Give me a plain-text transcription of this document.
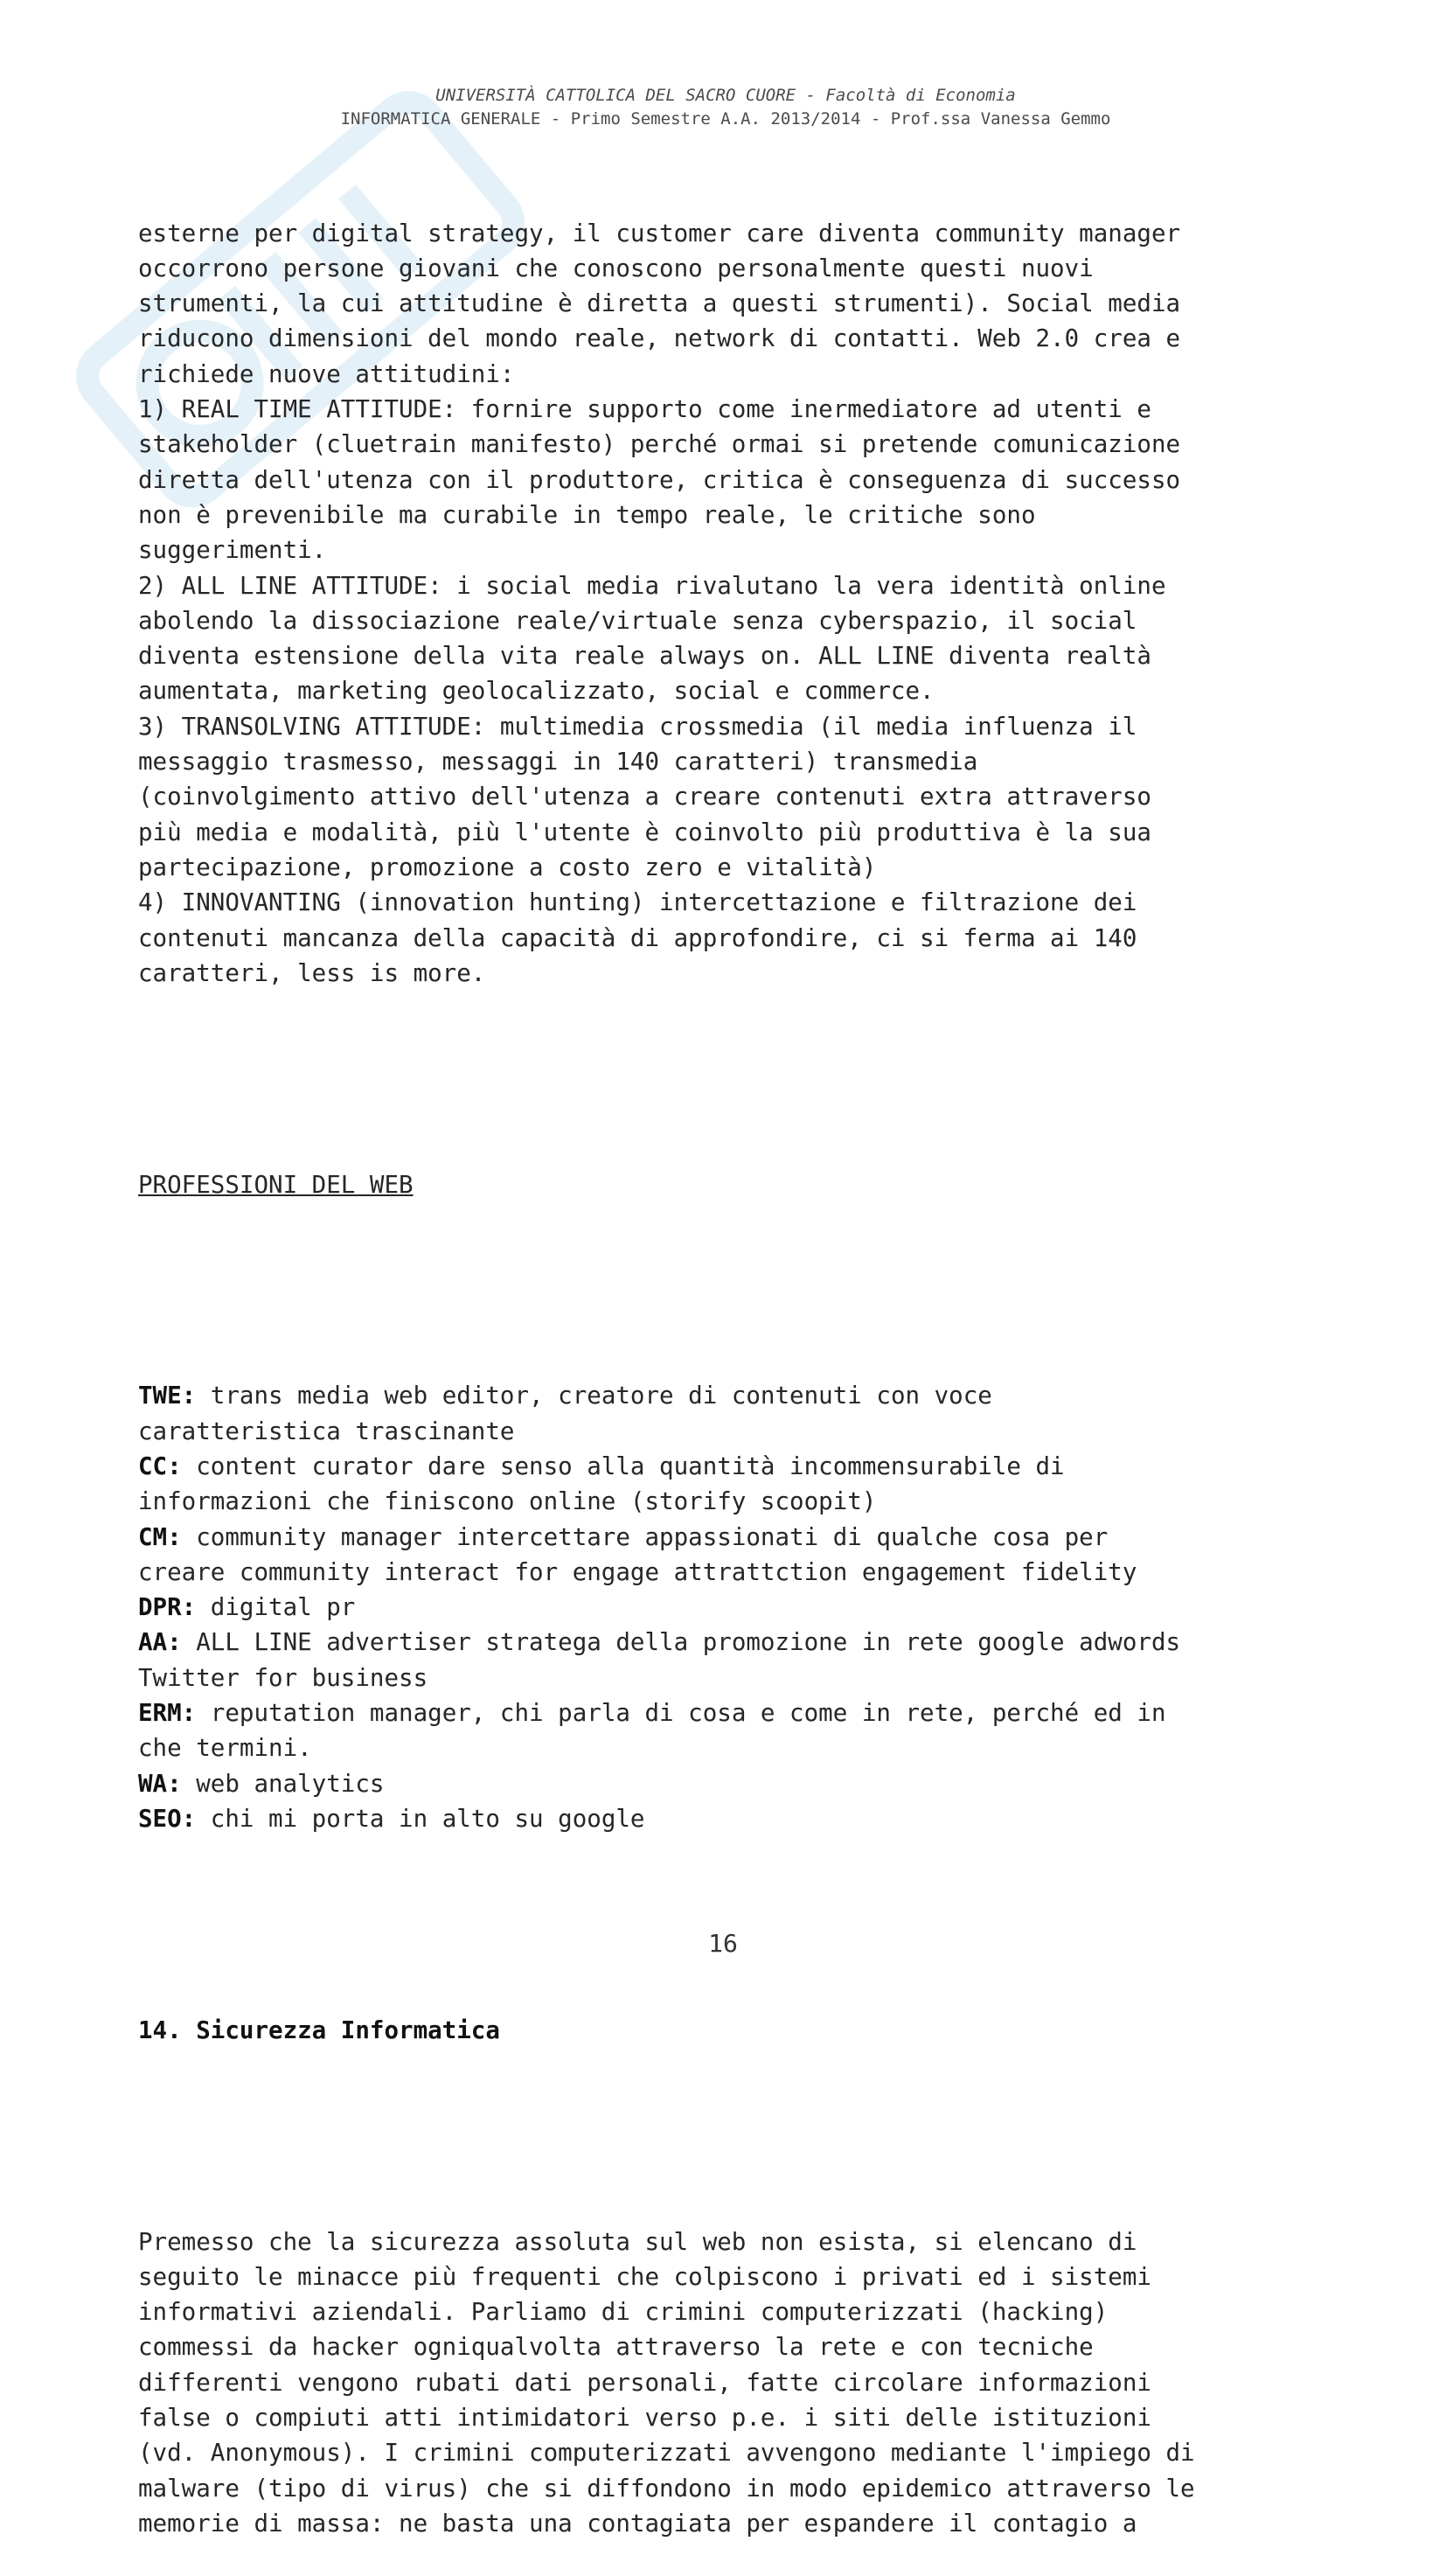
UNIVERSITÀ CATTOLICA DEL SACRO CUORE - Facoltà di Economia
INFORMATICA GENERALE - Primo Semestre A.A. 2013/2014 - Prof.ssa Vanessa Gemmo

esterne per digital strategy, il customer care diventa community manager
occorrono persone giovani che conoscono personalmente questi nuovi
strumenti, la cui attitudine è diretta a questi strumenti). Social media
riducono dimensioni del mondo reale, network di contatti. Web 2.0 crea e
richiede nuove attitudini:
1) REAL TIME ATTITUDE: fornire supporto come inermediatore ad utenti e
stakeholder (cluetrain manifesto) perché ormai si pretende comunicazione
diretta dell'utenza con il produttore, critica è conseguenza di successo
non è prevenibile ma curabile in tempo reale, le critiche sono
suggerimenti.
2) ALL LINE ATTITUDE: i social media rivalutano la vera identità online
abolendo la dissociazione reale/virtuale senza cyberspazio, il social
diventa estensione della vita reale always on. ALL LINE diventa realtà
aumentata, marketing geolocalizzato, social e commerce.
3) TRANSOLVING ATTITUDE: multimedia crossmedia (il media influenza il
messaggio trasmesso, messaggi in 140 caratteri) transmedia
(coinvolgimento attivo dell'utenza a creare contenuti extra attraverso
più media e modalità, più l'utente è coinvolto più produttiva è la sua
partecipazione, promozione a costo zero e vitalità)
4) INNOVANTING (innovation hunting) intercettazione e filtrazione dei
contenuti mancanza della capacità di approfondire, ci si ferma ai 140
caratteri, less is more.

PROFESSIONI DEL WEB

TWE: trans media web editor, creatore di contenuti con voce
caratteristica trascinante
CC: content curator dare senso alla quantità incommensurabile di
informazioni che finiscono online (storify scoopit)
CM: community manager intercettare appassionati di qualche cosa per
creare community interact for engage attrattction engagement fidelity
DPR: digital pr
AA: ALL LINE advertiser stratega della promozione in rete google adwords
Twitter for business
ERM: reputation manager, chi parla di cosa e come in rete, perché ed in
che termini.
WA: web analytics
SEO: chi mi porta in alto su google

14. Sicurezza Informatica

Premesso che la sicurezza assoluta sul web non esista, si elencano di
seguito le minacce più frequenti che colpiscono i privati ed i sistemi
informativi aziendali. Parliamo di crimini computerizzati (hacking)
commessi da hacker ogniqualvolta attraverso la rete e con tecniche
differenti vengono rubati dati personali, fatte circolare informazioni
false o compiuti atti intimidatori verso p.e. i siti delle istituzioni
(vd. Anonymous). I crimini computerizzati avvengono mediante l'impiego di
malware (tipo di virus) che si diffondono in modo epidemico attraverso le
memorie di massa: ne basta una contagiata per espandere il contagio a

16
